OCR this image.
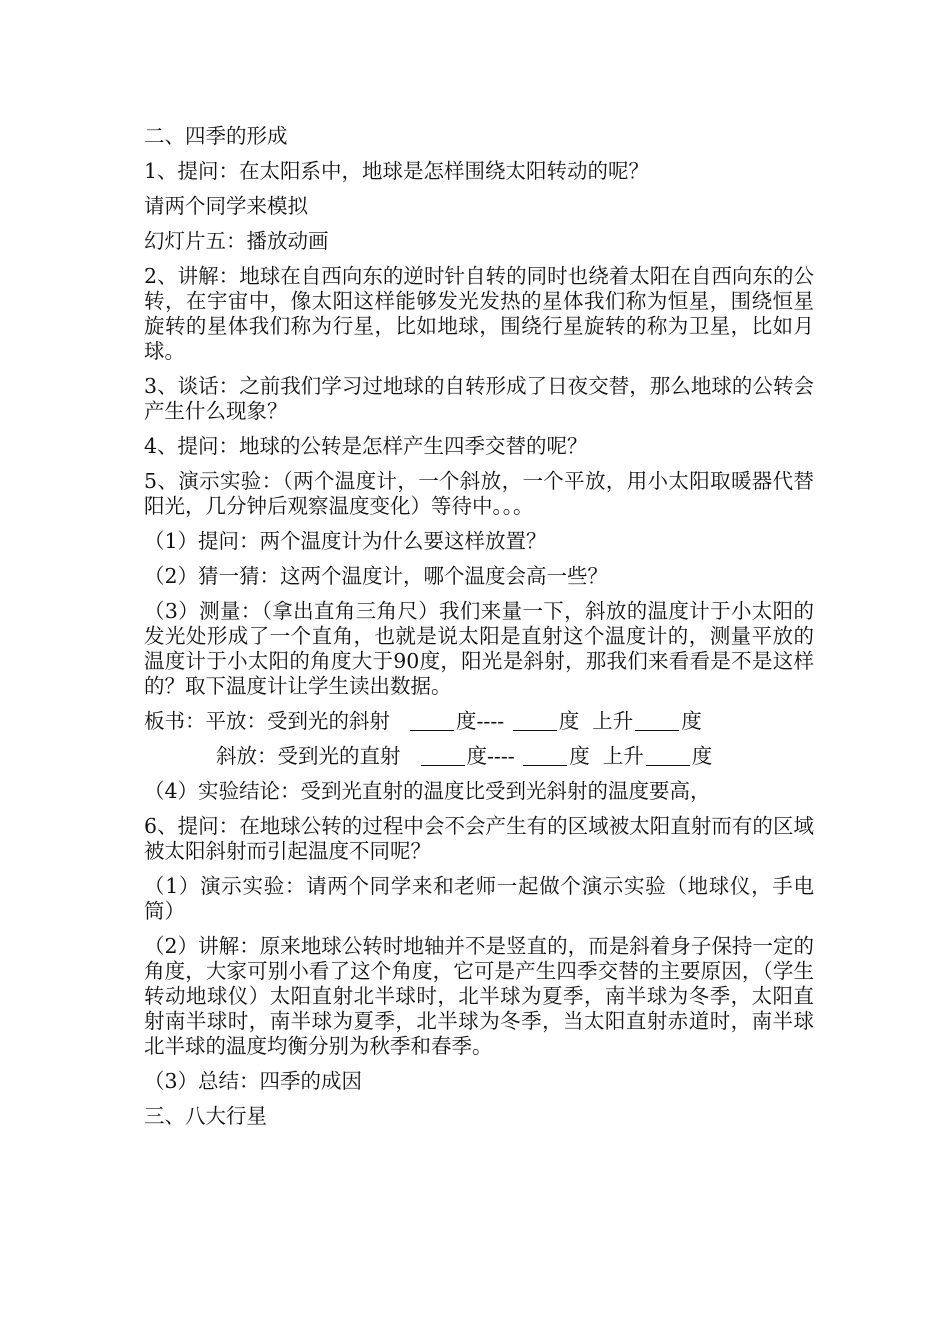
二、四季的形成

1、提问：在太阳系中，地球是怎样围绕太阳转动的呢？

请两个同学来模拟

幻灯片五：播放动画

2、讲解：地球在自西向东的逆时针自转的同时也绕着太阳在自西向东的公转，在宇宙中，像太阳这样能够发光发热的星体我们称为恒星，围绕恒星旋转的星体我们称为行星，比如地球，围绕行星旋转的称为卫星，比如月球。

3、谈话：之前我们学习过地球的自转形成了日夜交替，那么地球的公转会产生什么现象？

4、提问：地球的公转是怎样产生四季交替的呢？

5、演示实验：（两个温度计，一个斜放，一个平放，用小太阳取暖器代替阳光，几分钟后观察温度变化）等待中。。。

（1）提问：两个温度计为什么要这样放置？

（2）猜一猜：这两个温度计，哪个温度会高一些？

（3）测量：（拿出直角三角尺）我们来量一下，斜放的温度计于小太阳的发光处形成了一个直角，也就是说太阳是直射这个温度计的，测量平放的温度计于小太阳的角度大于90度，阳光是斜射，那我们来看看是不是这样的？取下温度计让学生读出数据。

板书：平放：受到光的斜射	度----	度 上升 度
斜放：受到光的直射	度----	度 上升 度

（4）实验结论：受到光直射的温度比受到光斜射的温度要高，

6、提问：在地球公转的过程中会不会产生有的区域被太阳直射而有的区域被太阳斜射而引起温度不同呢？

（1）演示实验：请两个同学来和老师一起做个演示实验（地球仪，手电筒）

（2）讲解：原来地球公转时地轴并不是竖直的，而是斜着身子保持一定的角度，大家可别小看了这个角度，它可是产生四季交替的主要原因，（学生转动地球仪）太阳直射北半球时，北半球为夏季，南半球为冬季，太阳直射南半球时，南半球为夏季，北半球为冬季，当太阳直射赤道时，南半球北半球的温度均衡分别为秋季和春季。

（3）总结：四季的成因

三、八大行星
